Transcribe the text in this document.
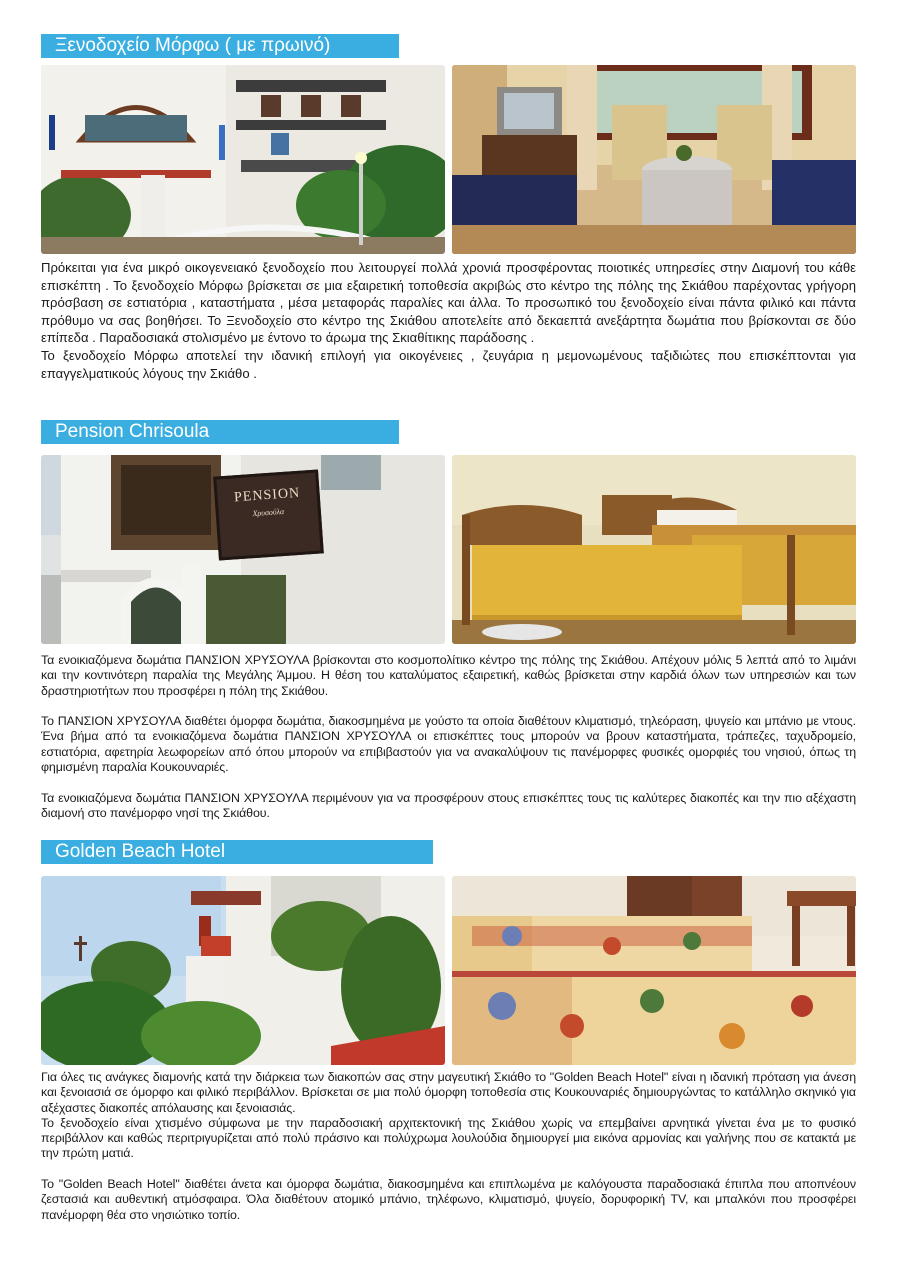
Ξενοδοχείο Μόρφω ( με πρωινό)

Πρόκειται για ένα μικρό οικογενειακό ξενοδοχείο που λειτουργεί πολλά χρονιά προσφέροντας ποιοτικές υπηρεσίες στην Διαμονή του κάθε επισκέπτη . Το ξενοδοχείο Μόρφω βρίσκεται σε μια εξαιρετική τοποθεσία ακριβώς στο κέντρο της πόλης της Σκιάθου παρέχοντας γρήγορη πρόσβαση σε εστιατόρια , καταστήματα , μέσα μεταφοράς παραλίες και άλλα. Το προσωπικό του ξενοδοχείο είναι πάντα φιλικό και πάντα πρόθυμο να σας βοηθήσει. Το Ξενοδοχείο στο κέντρο της Σκιάθου αποτελείτε από δεκαεπτά ανεξάρτητα δωμάτια που βρίσκονται σε δύο επίπεδα . Παραδοσιακά στολισμένο με έντονο το άρωμα της Σκιαθίτικης παράδοσης .

Το ξενοδοχείο Μόρφω αποτελεί την ιδανική επιλογή για οικογένειες , ζευγάρια η μεμονωμένους ταξιδιώτες που επισκέπτονται για επαγγελματικούς λόγους την Σκιάθο .

Pension Chrisoula
PENSION
Χρυσούλα

Τα ενοικιαζόμενα δωμάτια ΠΑΝΣΙΟΝ ΧΡΥΣΟΥΛΑ βρίσκονται στο κοσμοπολίτικο κέντρο της πόλης της Σκιάθου. Απέχουν μόλις 5 λεπτά από το λιμάνι και την κοντινότερη παραλία της Μεγάλης Άμμου. Η θέση του καταλύματος εξαιρετική, καθώς βρίσκεται στην καρδιά όλων των υπηρεσιών και των δραστηριοτήτων που προσφέρει η πόλη της Σκιάθου.

Το ΠΑΝΣΙΟΝ ΧΡΥΣΟΥΛΑ διαθέτει όμορφα δωμάτια, διακοσμημένα με γούστο τα οποία διαθέτουν κλιματισμό, τηλεόραση, ψυγείο και μπάνιο με ντους. Ένα βήμα από τα ενοικιαζόμενα δωμάτια ΠΑΝΣΙΟΝ ΧΡΥΣΟΥΛΑ οι επισκέπτες τους μπορούν να βρουν καταστήματα, τράπεζες, ταχυδρομείο, εστιατόρια, αφετηρία λεωφορείων από όπου μπορούν να επιβιβαστούν για να ανακαλύψουν τις πανέμορφες φυσικές ομορφιές του νησιού, όπως τη φημισμένη παραλία Κουκουναριές.

Τα ενοικιαζόμενα δωμάτια ΠΑΝΣΙΟΝ ΧΡΥΣΟΥΛΑ περιμένουν για να προσφέρουν στους επισκέπτες τους τις καλύτερες διακοπές και την πιο αξέχαστη διαμονή στο πανέμορφο νησί της Σκιάθου.

Golden Beach Hotel

Για όλες τις ανάγκες διαμονής κατά την διάρκεια των διακοπών σας στην μαγευτική Σκιάθο το "Golden Beach Hotel" είναι η ιδανική πρόταση για άνεση και ξενοιασιά σε όμορφο και φιλικό περιβάλλον. Βρίσκεται σε μια πολύ όμορφη τοποθεσία στις Κουκουναριές δημιουργώντας το κατάλληλο σκηνικό για αξέχαστες διακοπές απόλαυσης και ξενοιασιάς.

Το ξενοδοχείο είναι χτισμένο σύμφωνα με την παραδοσιακή αρχιτεκτονική της Σκιάθου χωρίς να επεμβαίνει αρνητικά γίνεται ένα με το φυσικό περιβάλλον και καθώς περιτριγυρίζεται από πολύ πράσινο και πολύχρωμα λουλούδια δημιουργεί μια εικόνα αρμονίας και γαλήνης που σε κατακτά με την πρώτη ματιά.

Το "Golden Beach Hotel" διαθέτει άνετα και όμορφα δωμάτια, διακοσμημένα και επιπλωμένα με καλόγουστα παραδοσιακά έπιπλα που αποπνέουν ζεστασιά και αυθεντική ατμόσφαιρα. Όλα διαθέτουν ατομικό μπάνιο, τηλέφωνο, κλιματισμό, ψυγείο, δορυφορική TV, και μπαλκόνι που προσφέρει πανέμορφη θέα στο νησιώτικο τοπίο.
